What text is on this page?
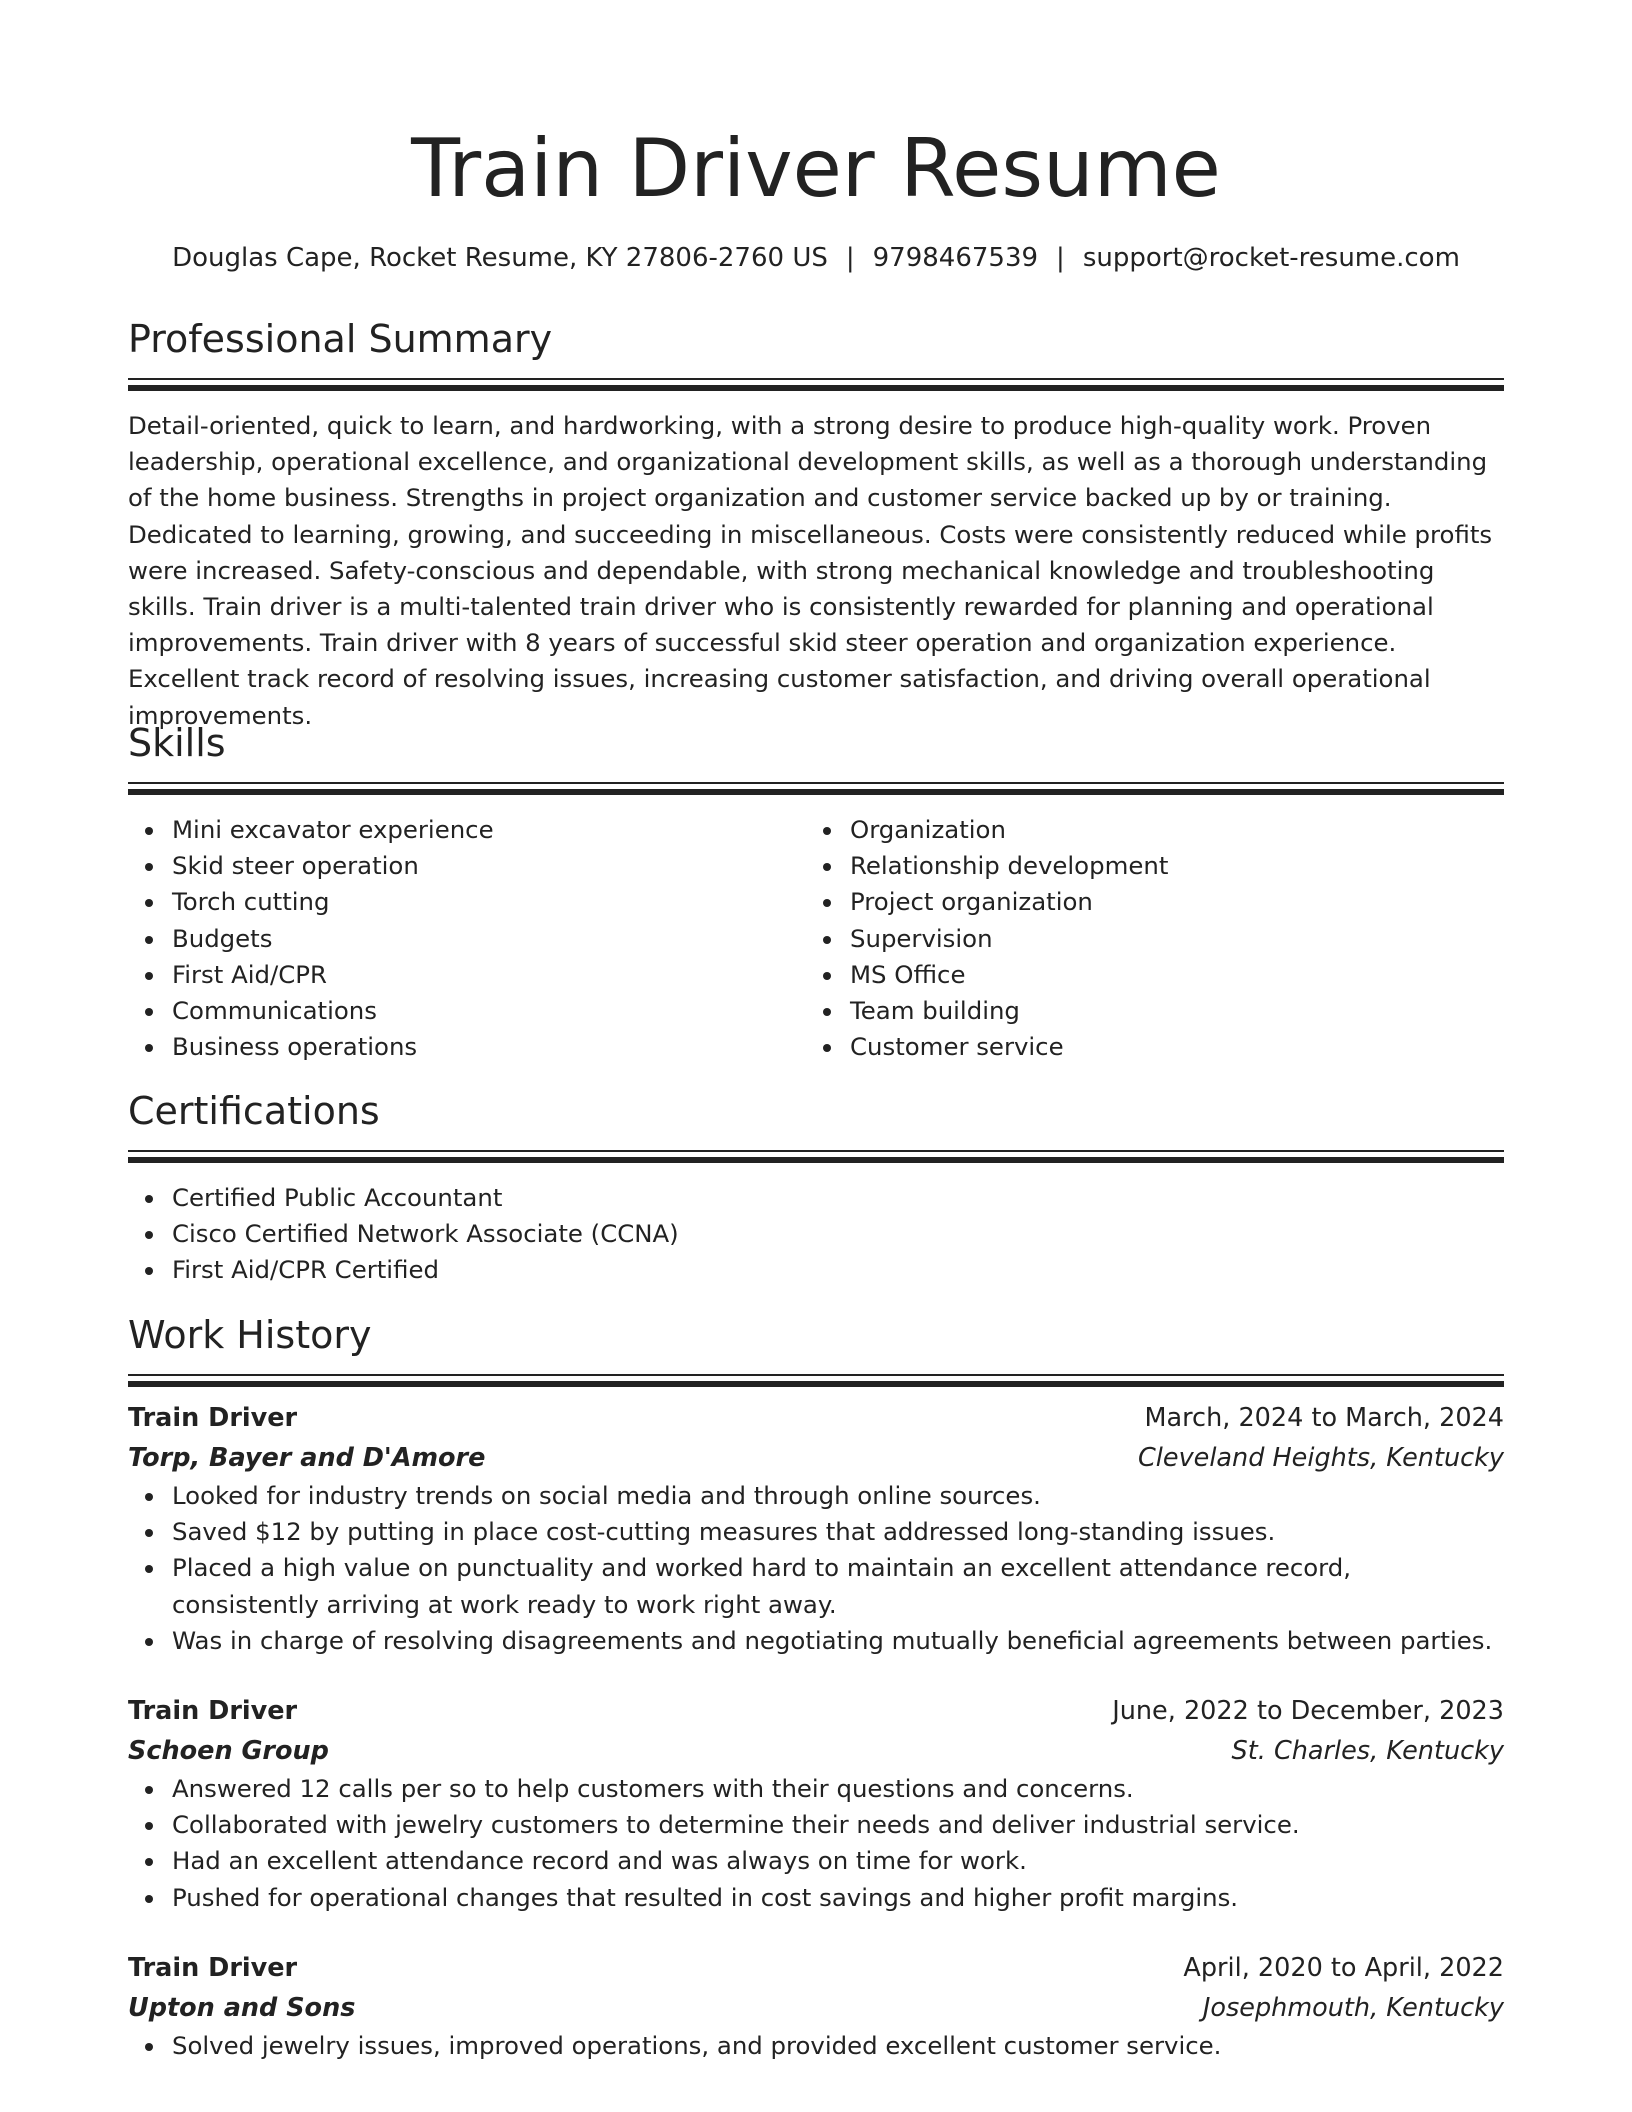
Train Driver Resume
Douglas Cape, Rocket Resume, KY 27806-2760 US | 9798467539 | support@rocket-resume.com
Professional Summary
Detail-oriented, quick to learn, and hardworking, with a strong desire to produce high-quality work. Proven leadership, operational excellence, and organizational development skills, as well as a thorough understanding of the home business. Strengths in project organization and customer service backed up by or training. Dedicated to learning, growing, and succeeding in miscellaneous. Costs were consistently reduced while profits were increased. Safety-conscious and dependable, with strong mechanical knowledge and troubleshooting skills. Train driver is a multi-talented train driver who is consistently rewarded for planning and operational improvements. Train driver with 8 years of successful skid steer operation and organization experience. Excellent track record of resolving issues, increasing customer satisfaction, and driving overall operational improvements.
Skills
Mini excavator experience
Skid steer operation
Torch cutting
Budgets
First Aid/CPR
Communications
Business operations
Organization
Relationship development
Project organization
Supervision
MS Office
Team building
Customer service
Certifications
Certified Public Accountant
Cisco Certified Network Associate (CCNA)
First Aid/CPR Certified
Work History
Train Driver	March, 2024 to March, 2024
Torp, Bayer and D'Amore	Cleveland Heights, Kentucky
Looked for industry trends on social media and through online sources.
Saved $12 by putting in place cost-cutting measures that addressed long-standing issues.
Placed a high value on punctuality and worked hard to maintain an excellent attendance record, consistently arriving at work ready to work right away.
Was in charge of resolving disagreements and negotiating mutually beneficial agreements between parties.
Train Driver	June, 2022 to December, 2023
Schoen Group	St. Charles, Kentucky
Answered 12 calls per so to help customers with their questions and concerns.
Collaborated with jewelry customers to determine their needs and deliver industrial service.
Had an excellent attendance record and was always on time for work.
Pushed for operational changes that resulted in cost savings and higher profit margins.
Train Driver	April, 2020 to April, 2022
Upton and Sons	Josephmouth, Kentucky
Solved jewelry issues, improved operations, and provided excellent customer service.
